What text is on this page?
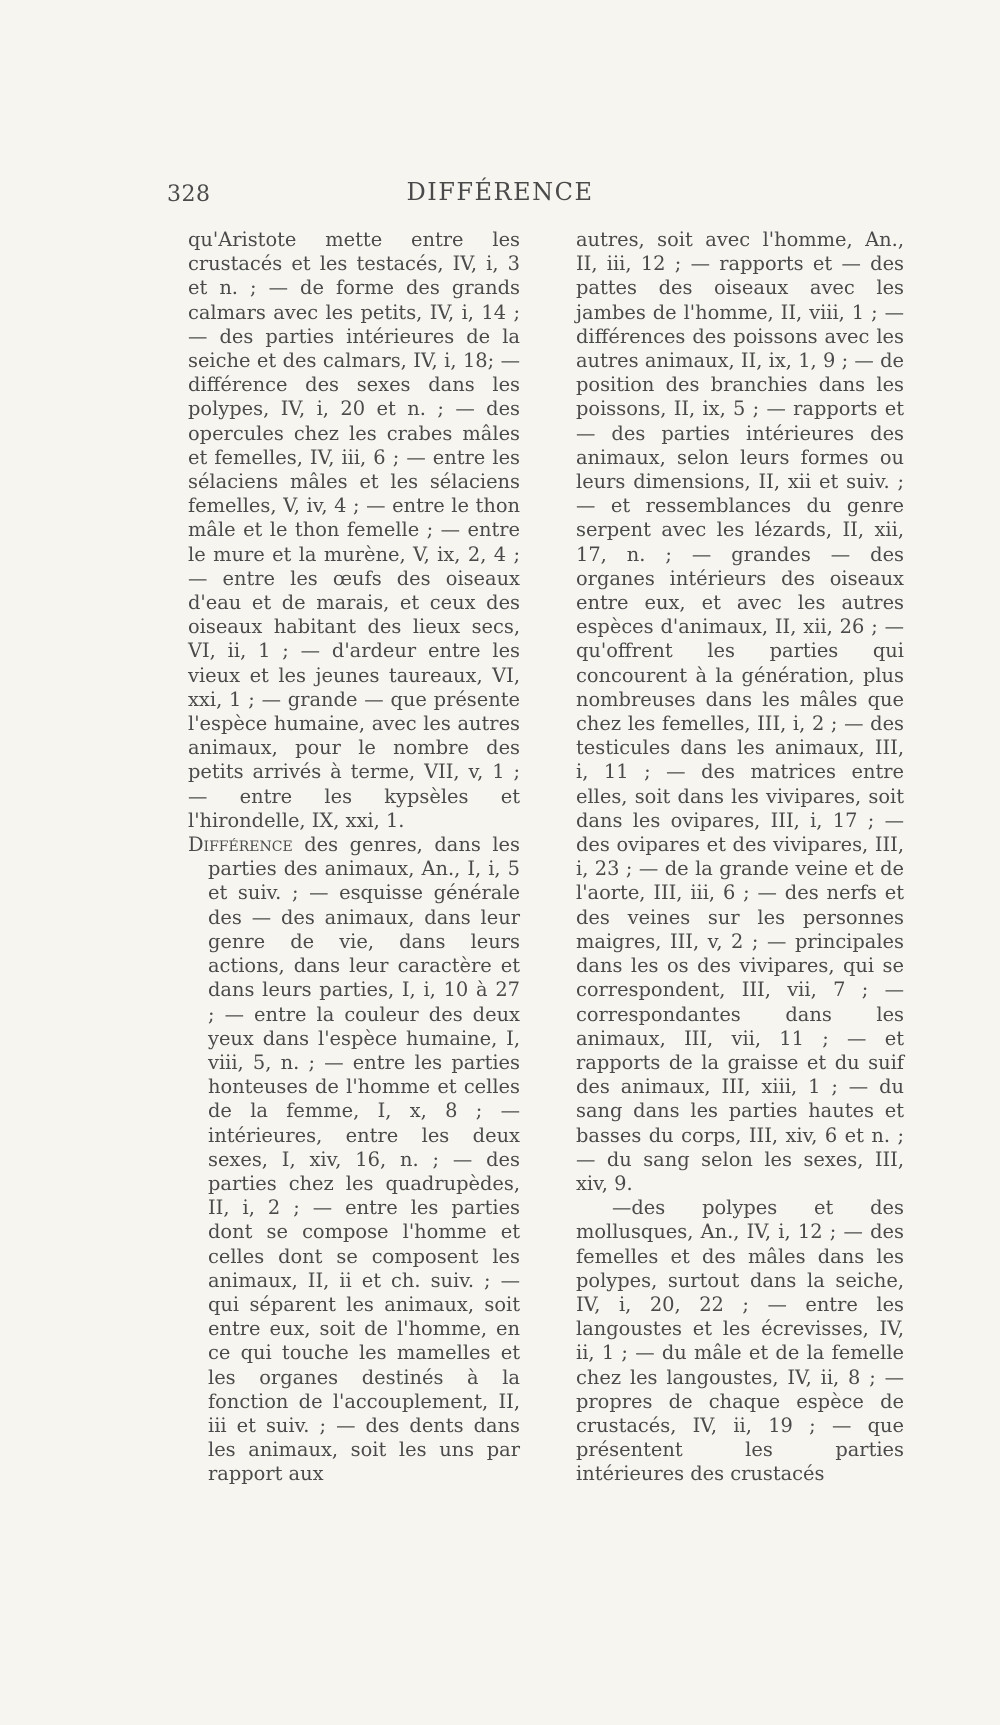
328	DIFFÉRENCE

qu'Aristote mette entre les crustacés et les testacés, IV, i, 3 et n. ; — de forme des grands calmars avec les petits, IV, i, 14 ; — des parties intérieures de la seiche et des calmars, IV, i, 18; — différence des sexes dans les polypes, IV, i, 20 et n. ; — des opercules chez les crabes mâles et femelles, IV, iii, 6 ; — entre les sélaciens mâles et les sélaciens femelles, V, iv, 4 ; — entre le thon mâle et le thon femelle ; — entre le mure et la murène, V, ix, 2, 4 ; — entre les œufs des oiseaux d'eau et de marais, et ceux des oiseaux habitant des lieux secs, VI, ii, 1 ; — d'ardeur entre les vieux et les jeunes taureaux, VI, xxi, 1 ; — grande — que présente l'espèce humaine, avec les autres animaux, pour le nombre des petits arrivés à terme, VII, v, 1 ; — entre les kypsèles et l'hirondelle, IX, xxi, 1.

Différence des genres, dans les parties des animaux, An., I, i, 5 et suiv. ; — esquisse générale des — des animaux, dans leur genre de vie, dans leurs actions, dans leur caractère et dans leurs parties, I, i, 10 à 27 ; — entre la couleur des deux yeux dans l'espèce humaine, I, viii, 5, n. ; — entre les parties honteuses de l'homme et celles de la femme, I, x, 8 ; — intérieures, entre les deux sexes, I, xiv, 16, n. ; — des parties chez les quadrupèdes, II, i, 2 ; — entre les parties dont se compose l'homme et celles dont se composent les animaux, II, ii et ch. suiv. ; — qui séparent les animaux, soit entre eux, soit de l'homme, en ce qui touche les mamelles et les organes destinés à la fonction de l'accouplement, II, iii et suiv. ; — des dents dans les animaux, soit les uns par rapport aux

autres, soit avec l'homme, An., II, iii, 12 ; — rapports et — des pattes des oiseaux avec les jambes de l'homme, II, viii, 1 ; — différences des poissons avec les autres animaux, II, ix, 1, 9 ; — de position des branchies dans les poissons, II, ix, 5 ; — rapports et — des parties intérieures des animaux, selon leurs formes ou leurs dimensions, II, xii et suiv. ; — et ressemblances du genre serpent avec les lézards, II, xii, 17, n. ; — grandes — des organes intérieurs des oiseaux entre eux, et avec les autres espèces d'animaux, II, xii, 26 ; — qu'offrent les parties qui concourent à la génération, plus nombreuses dans les mâles que chez les femelles, III, i, 2 ; — des testicules dans les animaux, III, i, 11 ; — des matrices entre elles, soit dans les vivipares, soit dans les ovipares, III, i, 17 ; — des ovipares et des vivipares, III, i, 23 ; — de la grande veine et de l'aorte, III, iii, 6 ; — des nerfs et des veines sur les personnes maigres, III, v, 2 ; — principales dans les os des vivipares, qui se correspondent, III, vii, 7 ; — correspondantes dans les animaux, III, vii, 11 ; — et rapports de la graisse et du suif des animaux, III, xiii, 1 ; — du sang dans les parties hautes et basses du corps, III, xiv, 6 et n. ; — du sang selon les sexes, III, xiv, 9.

—des polypes et des mollusques, An., IV, i, 12 ; — des femelles et des mâles dans les polypes, surtout dans la seiche, IV, i, 20, 22 ; — entre les langoustes et les écrevisses, IV, ii, 1 ; — du mâle et de la femelle chez les langoustes, IV, ii, 8 ; — propres de chaque espèce de crustacés, IV, ii, 19 ; — que présentent les parties intérieures des crustacés
